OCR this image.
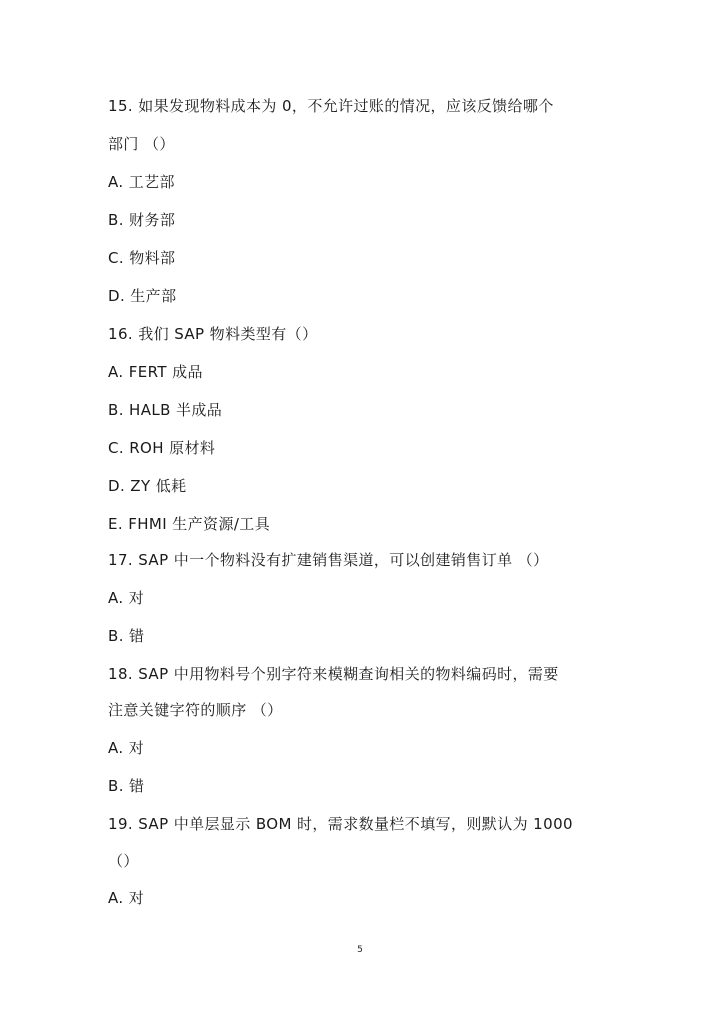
15. 如果发现物料成本为 0，不允许过账的情况，应该反馈给哪个
部门 （）
A. 工艺部
B. 财务部
C. 物料部
D. 生产部
16. 我们 SAP 物料类型有（）
A. FERT 成品
B. HALB 半成品
C. ROH 原材料
D. ZY 低耗
E. FHMI 生产资源/工具
17. SAP 中一个物料没有扩建销售渠道，可以创建销售订单 （）
A. 对
B. 错
18. SAP 中用物料号个别字符来模糊查询相关的物料编码时，需要
注意关键字符的顺序 （）
A. 对
B. 错
19. SAP 中单层显示 BOM 时，需求数量栏不填写，则默认为 1000
（）
A. 对
5
